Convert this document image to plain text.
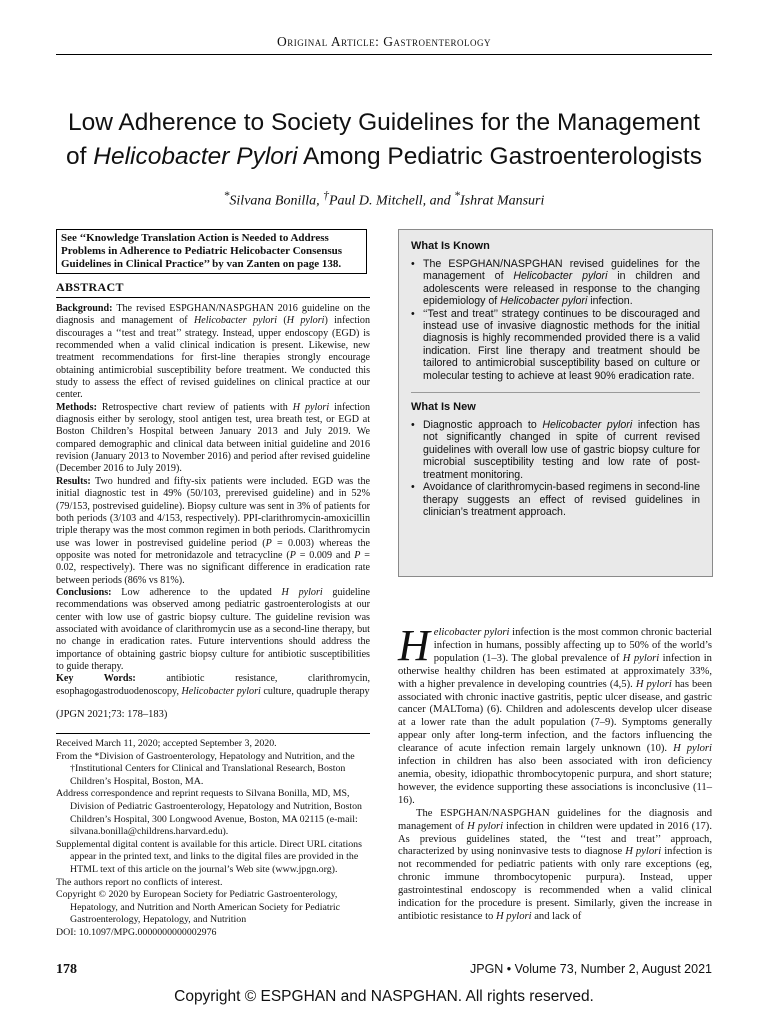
Original Article: Gastroenterology
Low Adherence to Society Guidelines for the Management
of Helicobacter Pylori Among Pediatric Gastroenterologists
*Silvana Bonilla, †Paul D. Mitchell, and *Ishrat Mansuri
See ‘‘Knowledge Translation Action is Needed to Address Problems in Adherence to Pediatric Helicobacter Consensus Guidelines in Clinical Practice’’ by van Zanten on page 138.
ABSTRACT

Background: The revised ESPGHAN/NASPGHAN 2016 guideline on the diagnosis and management of Helicobacter pylori (H pylori) infection discourages a ‘‘test and treat’’ strategy. Instead, upper endoscopy (EGD) is recommended when a valid clinical indication is present. Likewise, new treatment recommendations for first-line therapies strongly encourage obtaining antimicrobial susceptibility before treatment. We conducted this study to assess the effect of revised guidelines on clinical practice at our center.

Methods: Retrospective chart review of patients with H pylori infection diagnosis either by serology, stool antigen test, urea breath test, or EGD at Boston Children’s Hospital between January 2013 and July 2019. We compared demographic and clinical data between initial guideline and 2016 revision (January 2013 to November 2016) and period after revised guideline (December 2016 to July 2019).

Results: Two hundred and fifty-six patients were included. EGD was the initial diagnostic test in 49% (50/103, prerevised guideline) and in 52% (79/153, postrevised guideline). Biopsy culture was sent in 3% of patients for both periods (3/103 and 4/153, respectively). PPI-clarithromycin-amoxicillin triple therapy was the most common regimen in both periods. Clarithromycin use was lower in postrevised guideline period (P = 0.003) whereas the opposite was noted for metronidazole and tetracycline (P = 0.009 and P = 0.02, respectively). There was no significant difference in eradication rate between periods (86% vs 81%).

Conclusions: Low adherence to the updated H pylori guideline recommendations was observed among pediatric gastroenterologists at our center with low use of gastric biopsy culture. The guideline revision was associated with avoidance of clarithromycin use as a second-line therapy, but no change in eradication rates. Future interventions should address the importance of obtaining gastric biopsy culture for antibiotic susceptibilities to guide therapy.

Key Words: antibiotic resistance, clarithromycin, esophagogastroduodenoscopy, Helicobacter pylori culture, quadruple therapy
(JPGN 2021;73: 178–183)
Received March 11, 2020; accepted September 3, 2020.
From the *Division of Gastroenterology, Hepatology and Nutrition, and the †Institutional Centers for Clinical and Translational Research, Boston Children’s Hospital, Boston, MA.
Address correspondence and reprint requests to Silvana Bonilla, MD, MS, Division of Pediatric Gastroenterology, Hepatology and Nutrition, Boston Children’s Hospital, 300 Longwood Avenue, Boston, MA 02115 (e-mail: silvana.bonilla@childrens.harvard.edu).
Supplemental digital content is available for this article. Direct URL citations appear in the printed text, and links to the digital files are provided in the HTML text of this article on the journal’s Web site (www.jpgn.org).
The authors report no conflicts of interest.
Copyright © 2020 by European Society for Pediatric Gastroenterology, Hepatology, and Nutrition and North American Society for Pediatric Gastroenterology, Hepatology, and Nutrition
DOI: 10.1097/MPG.0000000000002976
What Is Known
• The ESPGHAN/NASPGHAN revised guidelines for the management of Helicobacter pylori in children and adolescents were released in response to the changing epidemiology of Helicobacter pylori infection.
• ‘‘Test and treat’’ strategy continues to be discouraged and instead use of invasive diagnostic methods for the initial diagnosis is highly recommended provided there is a valid indication. First line therapy and treatment should be tailored to antimicrobial susceptibility based on culture or molecular testing to achieve at least 90% eradication rate.
What Is New
• Diagnostic approach to Helicobacter pylori infection has not significantly changed in spite of current revised guidelines with overall low use of gastric biopsy culture for microbial susceptibility testing and low rate of post-treatment monitoring.
• Avoidance of clarithromycin-based regimens in second-line therapy suggests an effect of revised guidelines in clinician’s treatment approach.

Helicobacter pylori infection is the most common chronic bacterial infection in humans, possibly affecting up to 50% of the world’s population (1–3). The global prevalence of H pylori infection in otherwise healthy children has been estimated at approximately 33%, with a higher prevalence in developing countries (4,5). H pylori has been associated with chronic inactive gastritis, peptic ulcer disease, and gastric cancer (MALToma) (6). Children and adolescents develop ulcer disease at a lower rate than the adult population (7–9). Symptoms generally appear only after long-term infection, and the factors influencing the clearance of acute infection remain largely unknown (10). H pylori infection in children has also been associated with iron deficiency anemia, obesity, idiopathic thrombocytopenic purpura, and short stature; however, the evidence supporting these associations is inconclusive (11–16).

The ESPGHAN/NASPGHAN guidelines for the diagnosis and management of H pylori infection in children were updated in 2016 (17). As previous guidelines stated, the ‘‘test and treat’’ approach, characterized by using noninvasive tests to diagnose H pylori infection is not recommended for pediatric patients with only rare exceptions (eg, chronic immune thrombocytopenic purpura). Instead, upper gastrointestinal endoscopy is recommended when a valid clinical indication for the procedure is present. Similarly, given the increase in antibiotic resistance to H pylori and lack of

178	JPGN • Volume 73, Number 2, August 2021
Copyright © ESPGHAN and NASPGHAN. All rights reserved.
